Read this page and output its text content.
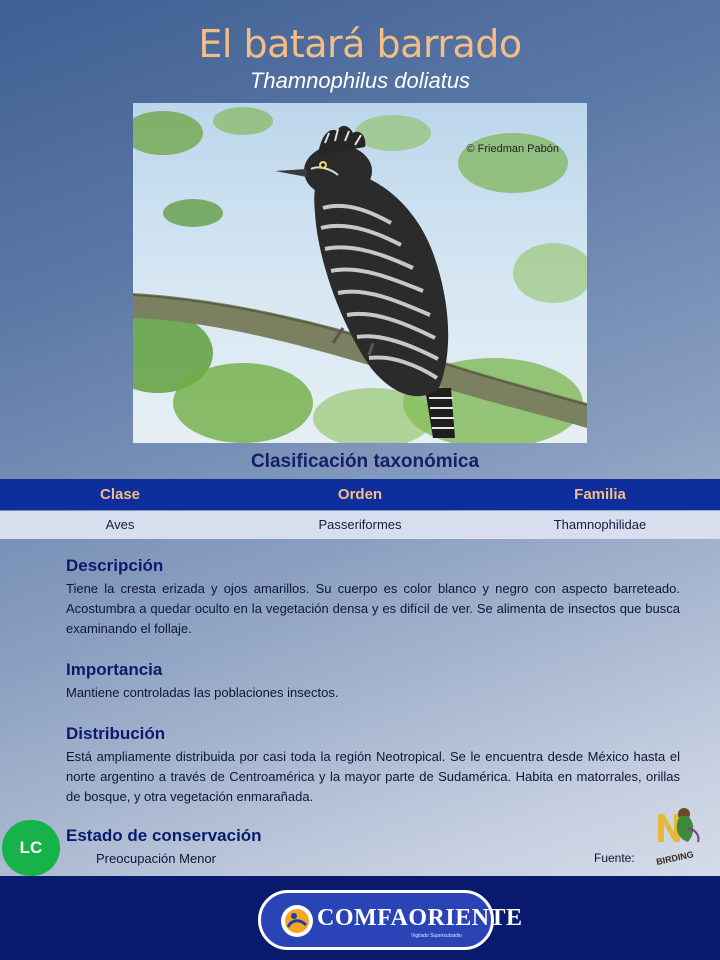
El batará barrado
Thamnophilus doliatus
© Friedman Pabón
Clasificación taxonómica
Clase	Orden	Familia
Aves	Passeriformes	Thamnophilidae
Descripción

Tiene la cresta erizada y ojos amarillos. Su cuerpo es color blanco y negro con aspecto barreteado. Acostumbra a quedar oculto en la vegetación densa y es difícil de ver. Se alimenta de insectos que busca examinando el follaje.

Importancia

Mantiene controladas las poblaciones insectos.

Distribución

Está ampliamente distribuida por casi toda la región Neotropical. Se le encuentra desde México hasta el norte argentino a través de Centroamérica y la mayor parte de Sudamérica. Habita en matorrales, orillas de bosque, y otra vegetación enmarañada.

Estado de conservación
LC
Preocupación Menor	Fuente: BIRDING
COMFAORIENTE
Vigilado Supersubsidio
